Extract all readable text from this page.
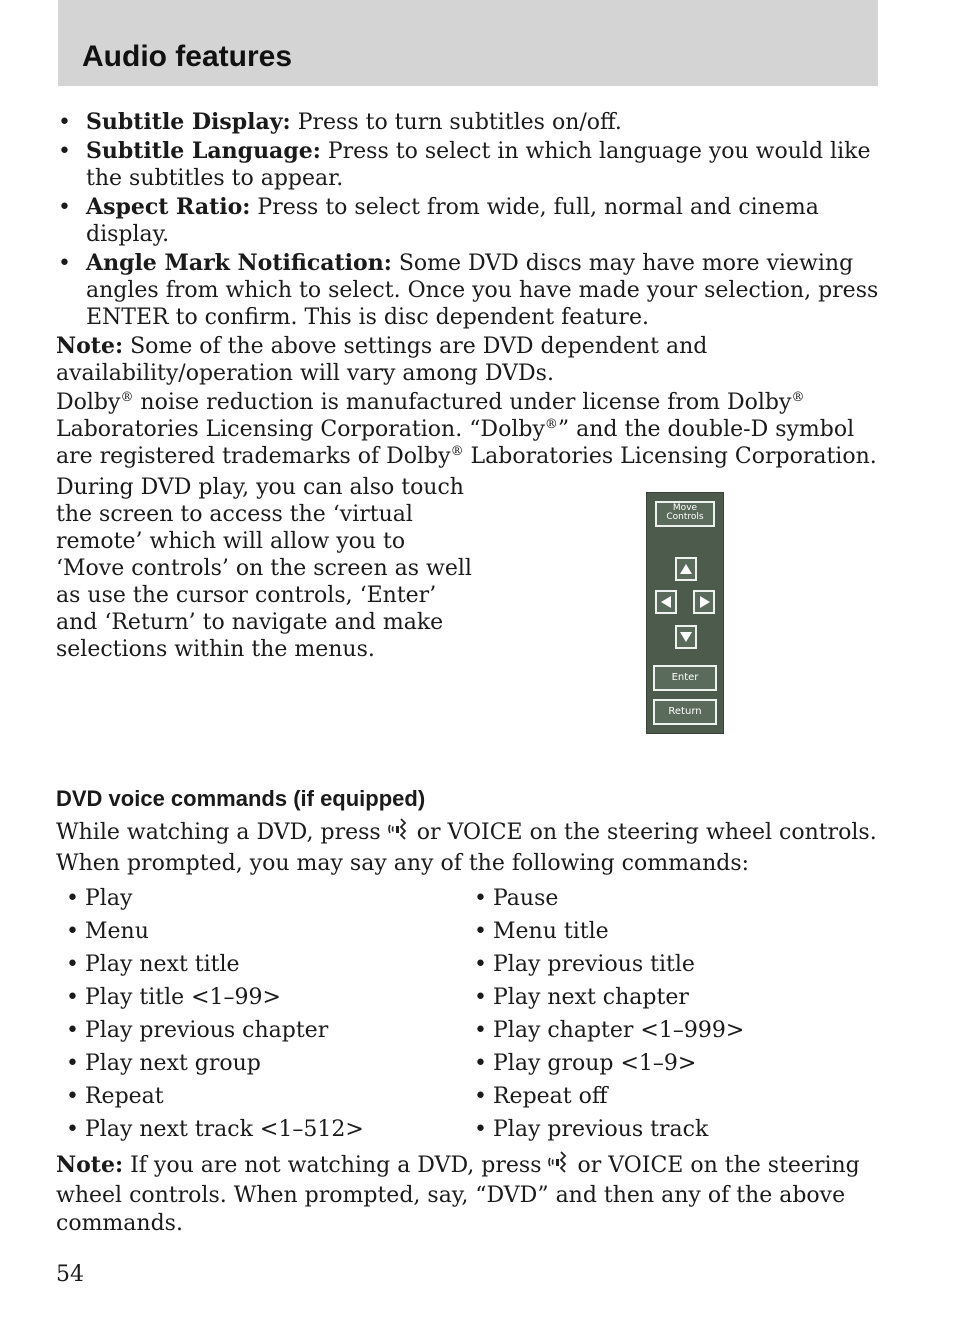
Audio features
• Subtitle Display: Press to turn subtitles on/off.
• Subtitle Language: Press to select in which language you would like the subtitles to appear.
• Aspect Ratio: Press to select from wide, full, normal and cinema display.
• Angle Mark Notification: Some DVD discs may have more viewing angles from which to select. Once you have made your selection, press ENTER to confirm. This is disc dependent feature.

Note: Some of the above settings are DVD dependent and availability/operation will vary among DVDs.

Dolby® noise reduction is manufactured under license from Dolby® Laboratories Licensing Corporation. “Dolby®” and the double-D symbol are registered trademarks of Dolby® Laboratories Licensing Corporation.

During DVD play, you can also touch the screen to access the ‘virtual remote’ which will allow you to ‘Move controls’ on the screen as well as use the cursor controls, ‘Enter’ and ‘Return’ to navigate and make selections within the menus.

Move Controls
Enter
Return
DVD voice commands (if equipped)
While watching a DVD, press or VOICE on the steering wheel controls. When prompted, you may say any of the following commands:
• Play	• Pause
• Menu	• Menu title
• Play next title	• Play previous title
• Play title <1–99>	• Play next chapter
• Play previous chapter	• Play chapter <1–999>
• Play next group	• Play group <1–9>
• Repeat	• Repeat off
• Play next track <1–512>	• Play previous track
Note: If you are not watching a DVD, press or VOICE on the steering wheel controls. When prompted, say, “DVD” and then any of the above commands.
54
